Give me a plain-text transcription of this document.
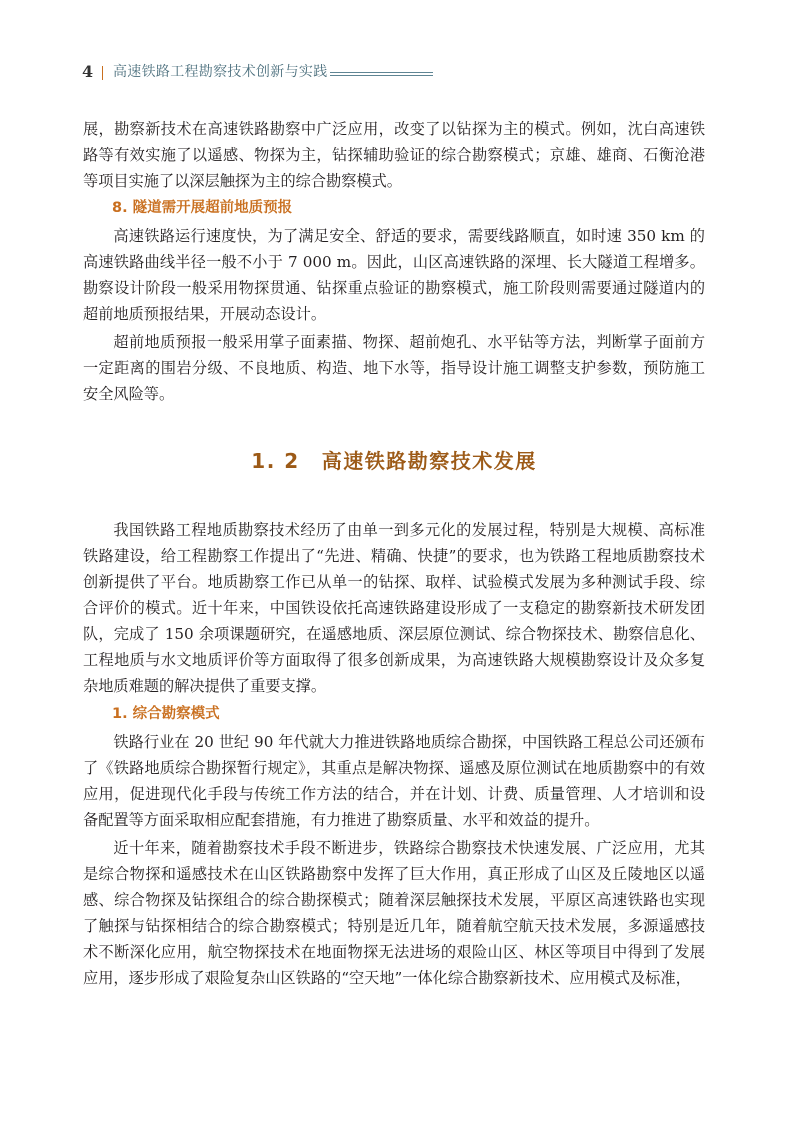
4 高速铁路工程勘察技术创新与实践

展，勘察新技术在高速铁路勘察中广泛应用，改变了以钻探为主的模式。例如，沈白高速铁路等有效实施了以遥感、物探为主，钻探辅助验证的综合勘察模式；京雄、雄商、石衡沧港等项目实施了以深层触探为主的综合勘察模式。

8. 隧道需开展超前地质预报

高速铁路运行速度快，为了满足安全、舒适的要求，需要线路顺直，如时速 350 km 的高速铁路曲线半径一般不小于 7 000 m。因此，山区高速铁路的深埋、长大隧道工程增多。勘察设计阶段一般采用物探贯通、钻探重点验证的勘察模式，施工阶段则需要通过隧道内的超前地质预报结果，开展动态设计。

超前地质预报一般采用掌子面素描、物探、超前炮孔、水平钻等方法，判断掌子面前方一定距离的围岩分级、不良地质、构造、地下水等，指导设计施工调整支护参数，预防施工安全风险等。

1. 2 高速铁路勘察技术发展

我国铁路工程地质勘察技术经历了由单一到多元化的发展过程，特别是大规模、高标准铁路建设，给工程勘察工作提出了“先进、精确、快捷”的要求，也为铁路工程地质勘察技术创新提供了平台。地质勘察工作已从单一的钻探、取样、试验模式发展为多种测试手段、综合评价的模式。近十年来，中国铁设依托高速铁路建设形成了一支稳定的勘察新技术研发团队，完成了 150 余项课题研究，在遥感地质、深层原位测试、综合物探技术、勘察信息化、工程地质与水文地质评价等方面取得了很多创新成果，为高速铁路大规模勘察设计及众多复杂地质难题的解决提供了重要支撑。

1. 综合勘察模式

铁路行业在 20 世纪 90 年代就大力推进铁路地质综合勘探，中国铁路工程总公司还颁布了《铁路地质综合勘探暂行规定》，其重点是解决物探、遥感及原位测试在地质勘察中的有效应用，促进现代化手段与传统工作方法的结合，并在计划、计费、质量管理、人才培训和设备配置等方面采取相应配套措施，有力推进了勘察质量、水平和效益的提升。

近十年来，随着勘察技术手段不断进步，铁路综合勘察技术快速发展、广泛应用，尤其是综合物探和遥感技术在山区铁路勘察中发挥了巨大作用，真正形成了山区及丘陵地区以遥感、综合物探及钻探组合的综合勘探模式；随着深层触探技术发展，平原区高速铁路也实现了触探与钻探相结合的综合勘察模式；特别是近几年，随着航空航天技术发展，多源遥感技术不断深化应用，航空物探技术在地面物探无法进场的艰险山区、林区等项目中得到了发展应用，逐步形成了艰险复杂山区铁路的“空天地”一体化综合勘察新技术、应用模式及标准，
